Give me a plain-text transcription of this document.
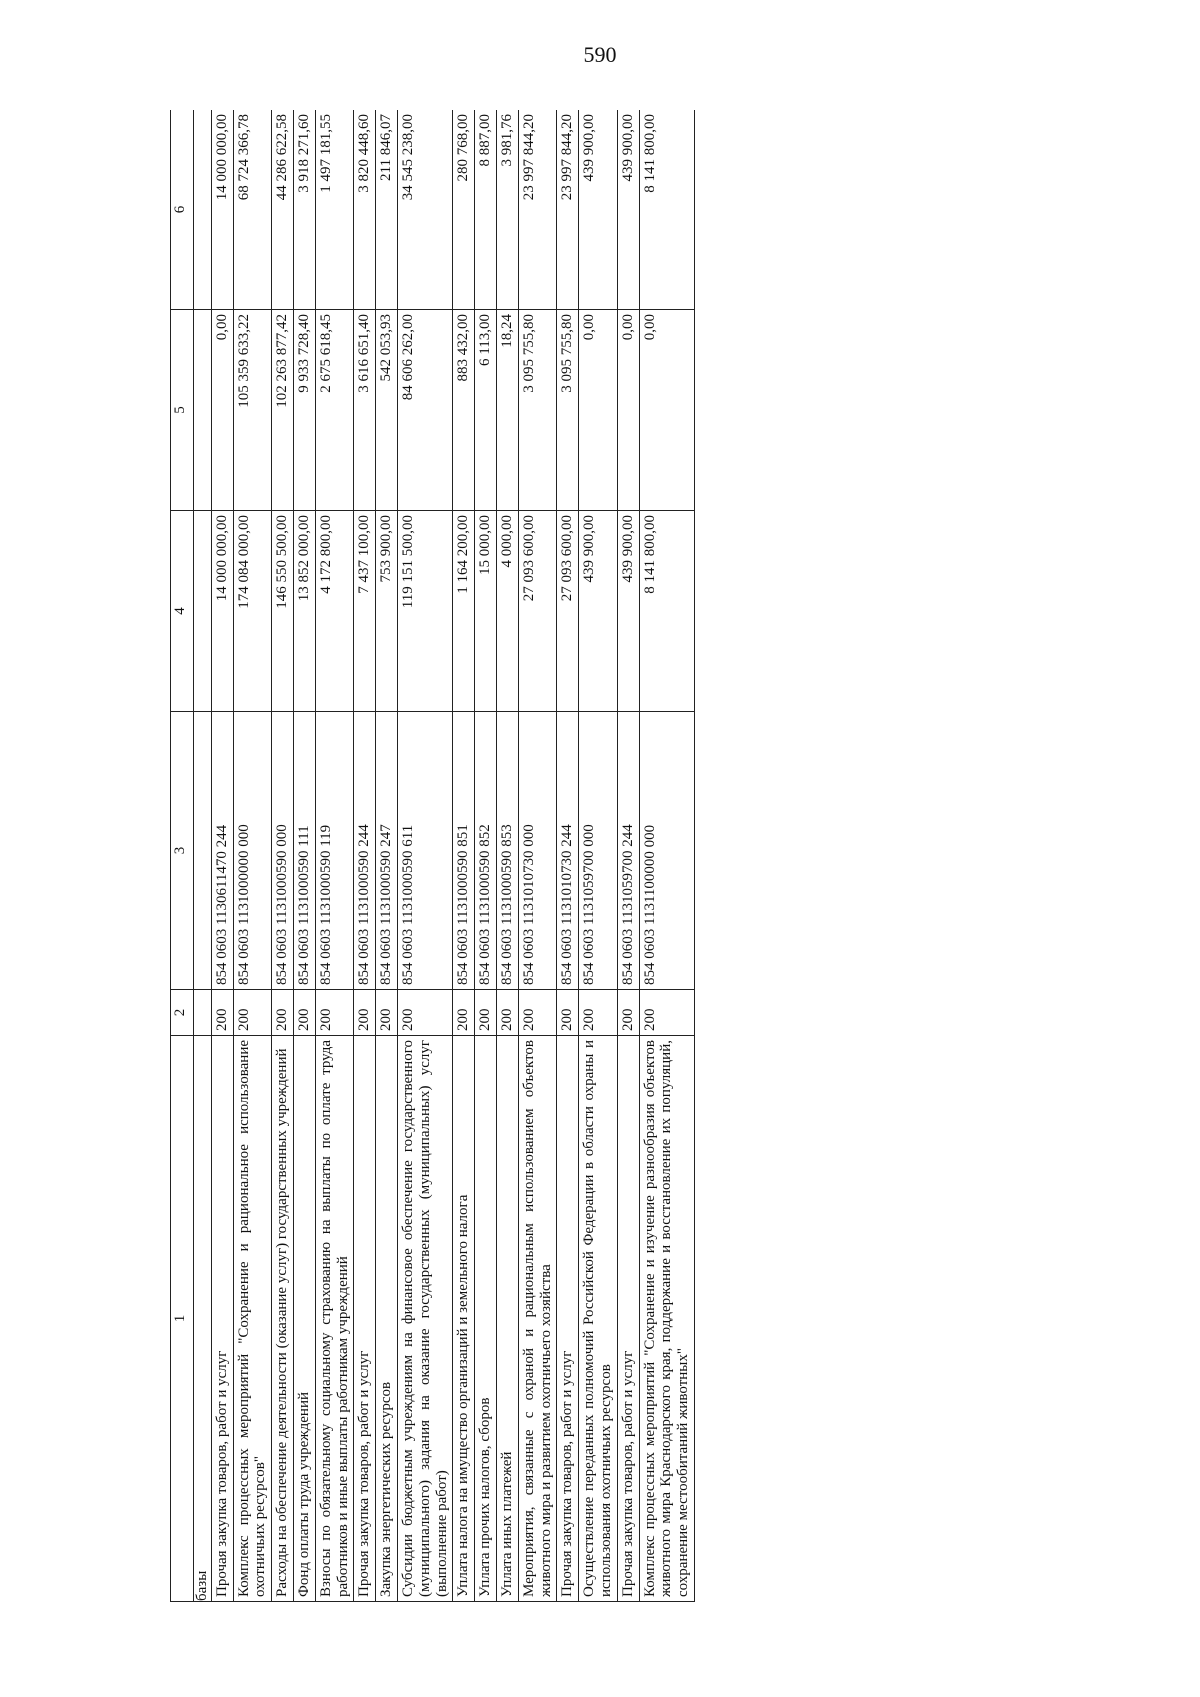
590
1	2	3	4	5	6
базы					
Прочая закупка товаров, работ и услуг	200	854 0603 1130611470 244	14 000 000,00	0,00	14 000 000,00
Комплекс процессных мероприятий "Сохранение и рациональное использование охотничьих ресурсов"	200	854 0603 1131000000 000	174 084 000,00	105 359 633,22	68 724 366,78
Расходы на обеспечение деятельности (оказание услуг) государственных учреждений	200	854 0603 1131000590 000	146 550 500,00	102 263 877,42	44 286 622,58
Фонд оплаты труда учреждений	200	854 0603 1131000590 111	13 852 000,00	9 933 728,40	3 918 271,60
Взносы по обязательному социальному страхованию на выплаты по оплате труда работников и иные выплаты работникам учреждений	200	854 0603 1131000590 119	4 172 800,00	2 675 618,45	1 497 181,55
Прочая закупка товаров, работ и услуг	200	854 0603 1131000590 244	7 437 100,00	3 616 651,40	3 820 448,60
Закупка энергетических ресурсов	200	854 0603 1131000590 247	753 900,00	542 053,93	211 846,07
Субсидии бюджетным учреждениям на финансовое обеспечение государственного (муниципального) задания на оказание государственных (муниципальных) услуг (выполнение работ)	200	854 0603 1131000590 611	119 151 500,00	84 606 262,00	34 545 238,00
Уплата налога на имущество организаций и земельного налога	200	854 0603 1131000590 851	1 164 200,00	883 432,00	280 768,00
Уплата прочих налогов, сборов	200	854 0603 1131000590 852	15 000,00	6 113,00	8 887,00
Уплата иных платежей	200	854 0603 1131000590 853	4 000,00	18,24	3 981,76
Мероприятия, связанные с охраной и рациональным использованием объектов животного мира и развитием охотничьего хозяйства	200	854 0603 1131010730 000	27 093 600,00	3 095 755,80	23 997 844,20
Прочая закупка товаров, работ и услуг	200	854 0603 1131010730 244	27 093 600,00	3 095 755,80	23 997 844,20
Осуществление переданных полномочий Российской Федерации в области охраны и использования охотничьих ресурсов	200	854 0603 1131059700 000	439 900,00	0,00	439 900,00
Прочая закупка товаров, работ и услуг	200	854 0603 1131059700 244	439 900,00	0,00	439 900,00
Комплекс процессных мероприятий "Сохранение и изучение разнообразия объектов животного мира Краснодарского края, поддержание и восстановление их популяций, сохранение местообитаний животных"	200	854 0603 1131100000 000	8 141 800,00	0,00	8 141 800,00
